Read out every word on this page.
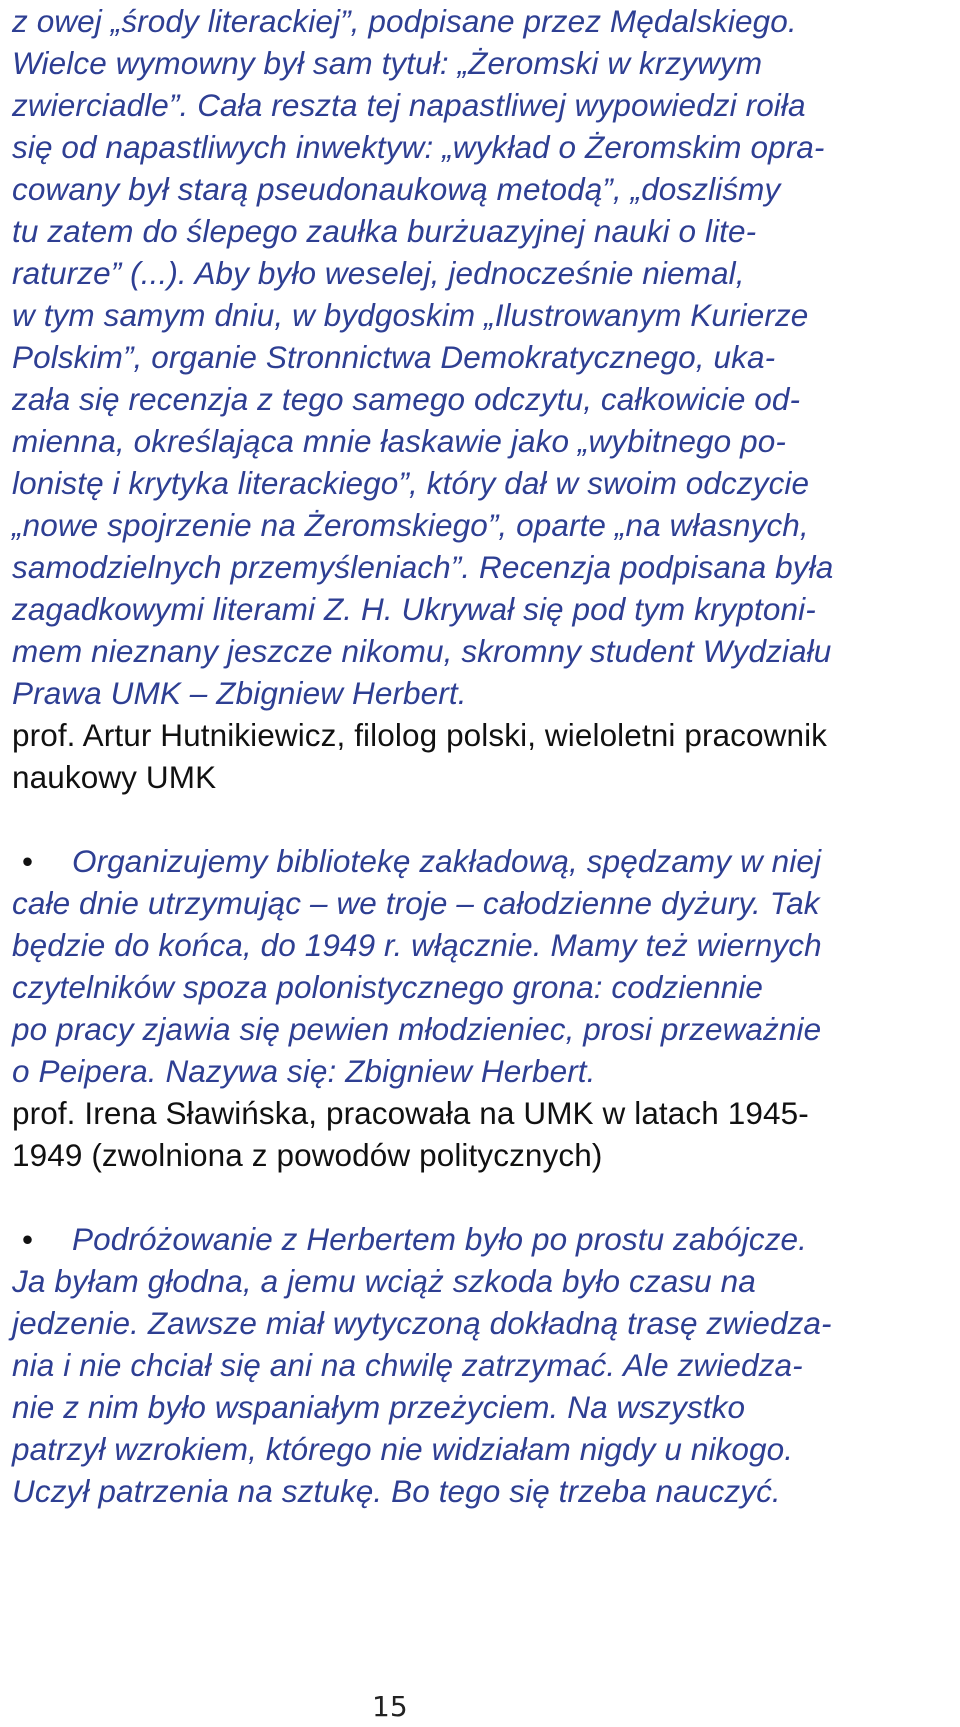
z owej „środy literackiej”, podpisane przez Mędalskiego.
Wielce wymowny był sam tytuł: „Żeromski w krzywym
zwierciadle”. Cała reszta tej napastliwej wypowiedzi roiła
się od napastliwych inwektyw: „wykład o Żeromskim opra-
cowany był starą pseudonaukową metodą”, „doszliśmy
tu zatem do ślepego zaułka burżuazyjnej nauki o lite-
raturze” (...). Aby było weselej, jednocześnie niemal,
w tym samym dniu, w bydgoskim „Ilustrowanym Kurierze
Polskim”, organie Stronnictwa Demokratycznego, uka-
zała się recenzja z tego samego odczytu, całkowicie od-
mienna, określająca mnie łaskawie jako „wybitnego po-
lonistę i krytyka literackiego”, który dał w swoim odczycie
„nowe spojrzenie na Żeromskiego”, oparte „na własnych,
samodzielnych przemyśleniach”. Recenzja podpisana była
zagadkowymi literami Z. H. Ukrywał się pod tym kryptoni-
mem nieznany jeszcze nikomu, skromny student Wydziału
Prawa UMK – Zbigniew Herbert.
prof. Artur Hutnikiewicz, filolog polski, wieloletni pracownik
naukowy UMK
• Organizujemy bibliotekę zakładową, spędzamy w niej
całe dnie utrzymując – we troje – całodzienne dyżury. Tak
będzie do końca, do 1949 r. włącznie. Mamy też wiernych
czytelników spoza polonistycznego grona: codziennie
po pracy zjawia się pewien młodzieniec, prosi przeważnie
o Peipera. Nazywa się: Zbigniew Herbert.
prof. Irena Sławińska, pracowała na UMK w latach 1945-
1949 (zwolniona z powodów politycznych)
• Podróżowanie z Herbertem było po prostu zabójcze.
Ja byłam głodna, a jemu wciąż szkoda było czasu na
jedzenie. Zawsze miał wytyczoną dokładną trasę zwiedza-
nia i nie chciał się ani na chwilę zatrzymać. Ale zwiedza-
nie z nim było wspaniałym przeżyciem. Na wszystko
patrzył wzrokiem, którego nie widziałam nigdy u nikogo.
Uczył patrzenia na sztukę. Bo tego się trzeba nauczyć.
15
